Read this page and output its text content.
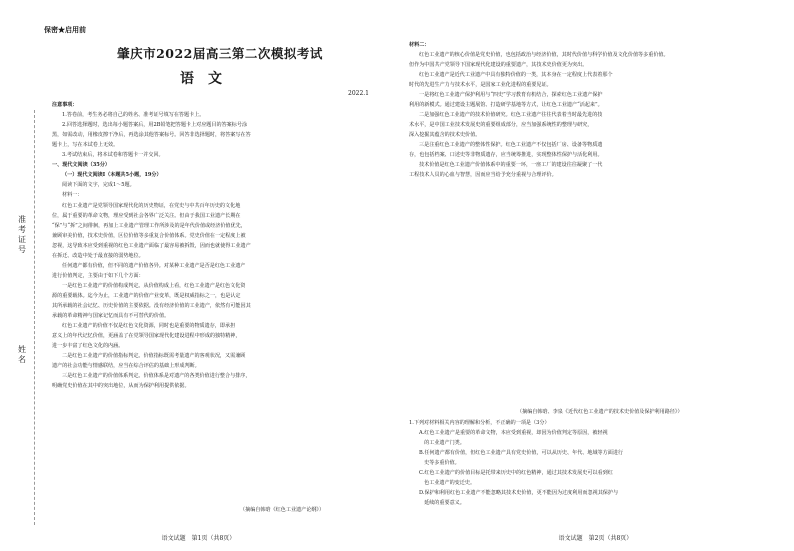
保密★启用前
肇庆市2022届高三第二次模拟考试
语　文
2022.1
准考证号
姓名
注意事项：
1.答卷前，考生务必将自己的姓名、准考证号填写在答题卡上。
2.回答选择题时，选出每小题答案后，用2B铅笔把答题卡上对应题目的答案标号涂
黑，如需改动，用橡皮擦干净后，再选涂其他答案标号。回答非选择题时，将答案写在答
题卡上，写在本试卷上无效。
3.考试结束后，将本试卷和答题卡一并交回。
一、现代文阅读（35分）
（一）现代文阅读Ⅰ（本题共5小题，19分）
阅读下面的文字，完成1～5题。
材料一：
红色工业遗产是党领导国家现代化的历史物证，在党史与中共百年历史的文化地
位，属于重要的革命文物，理应受到社会各界广泛关注。但由于我国工业遗产长期在
“保”与“拆”之间徘徊，再加上工业遗产管理工作所涉及的是年代价值或经济价值优先，
兼顾审美价值，技术史价值，区位价值等多重复合价值体系。党史价值在一定程度上被
忽视，这导致本应受到重视的红色工业遗产面临了最容易被拆毁，因而也就使得工业遗产
在拆迁、改造中处于最直接的弱势地位。
任何遗产都有价值，但不同的遗产价值各异。对某种工业遗产是否是红色工业遗产
进行价值判定，主要由于如下几个方面：
一是红色工业遗产的价值构成判定。从价值构成上看，红色工业遗产是红色文化资
源的重要载体。迄今为止，工业遗产的价值产业变革，既是权威指标之一，也是认定
其所承载的社会记忆、历史价值的主要依据。没有经济价值的工业遗产，依然有可能因其
承载的革命精神与国家记忆而具有不可替代的价值。
红色工业遗产的价值不仅是红色文化资源，同时也是重要的物质遗存，即承担
意义上的年代记忆价值，更涵盖了在党领导国家现代化建设进程中形成的独特精神，
进一步丰富了红色文化的内涵。
二是红色工业遗产的价值指标判定。价值指标既需考量遗产的客观状况，又需兼顾
遗产的社会功能与情感联结，应当在综合评估的基础上形成判断。
三是红色工业遗产的价值体系判定。价值体系是对遗产的各类价值进行整合与排序，
明确党史价值在其中的突出地位，从而为保护利用提供依据。
（摘编自韩晗《红色工业遗产论纲》）
语文试题　第1页（共8页）
材料二：
红色工业遗产的核心价值是党史价值，也包括政治与经济价值，其时代价值与科学价值及文化价值等多重价值。
但作为中国共产党领导下国家现代化建设的重要遗产，其技术史价值更为突出。
红色工业遗产是近代工业遗产中具有独特价值的一类，其本身在一定程度上代表着那个
时代的先进生产力与技术水平，是国家工业化进程的重要见证。
一是将红色工业遗产保护利用与“四史”学习教育有机结合，探索红色工业遗产保护
利用的新模式。通过建设主题展馆、打造研学基地等方式，让红色工业遗产“活起来”。
二是加强红色工业遗产的技术价值研究。红色工业遗产往往代表着当时最先进的技
术水平，是中国工业技术发展史的重要组成部分，应当加强系统性的整理与研究，
深入挖掘其蕴含的技术史价值。
三是注重红色工业遗产的整体性保护。红色工业遗产不仅包括厂房、设备等物质遗
存，也包括档案、口述史等非物质遗存，应当统筹推进，实现整体性保护与活化利用。
技术价值是红色工业遗产价值体系中的重要一环，一座工厂的建设往往凝聚了一代
工程技术人员的心血与智慧，因而应当给予充分重视与合理评价。
（摘编自韩晗、李泉《近代红色工业遗产的技术史价值及保护利用路径》）
1.下列对材料相关内容的理解和分析，不正确的一项是（3分）
A.红色工业遗产是重要的革命文物，本应受到重视，却因为价值判定等原因，被轻视
　的工业遗产门类。
B.任何遗产都有价值，但红色工业遗产具有党史价值，可以从历史、年代、地域等方面进行
　史等多重价值。
C.红色工业遗产的价值目标是托带来历史中的红色精神，通过其技术发展史可以看到红
　色工业遗产的变迁史。
D.保护和利用红色工业遗产不能忽略其技术史价值，更不能因为过度利用而忽视其保护与
　延续的重要意义。
语文试题　第2页（共8页）
